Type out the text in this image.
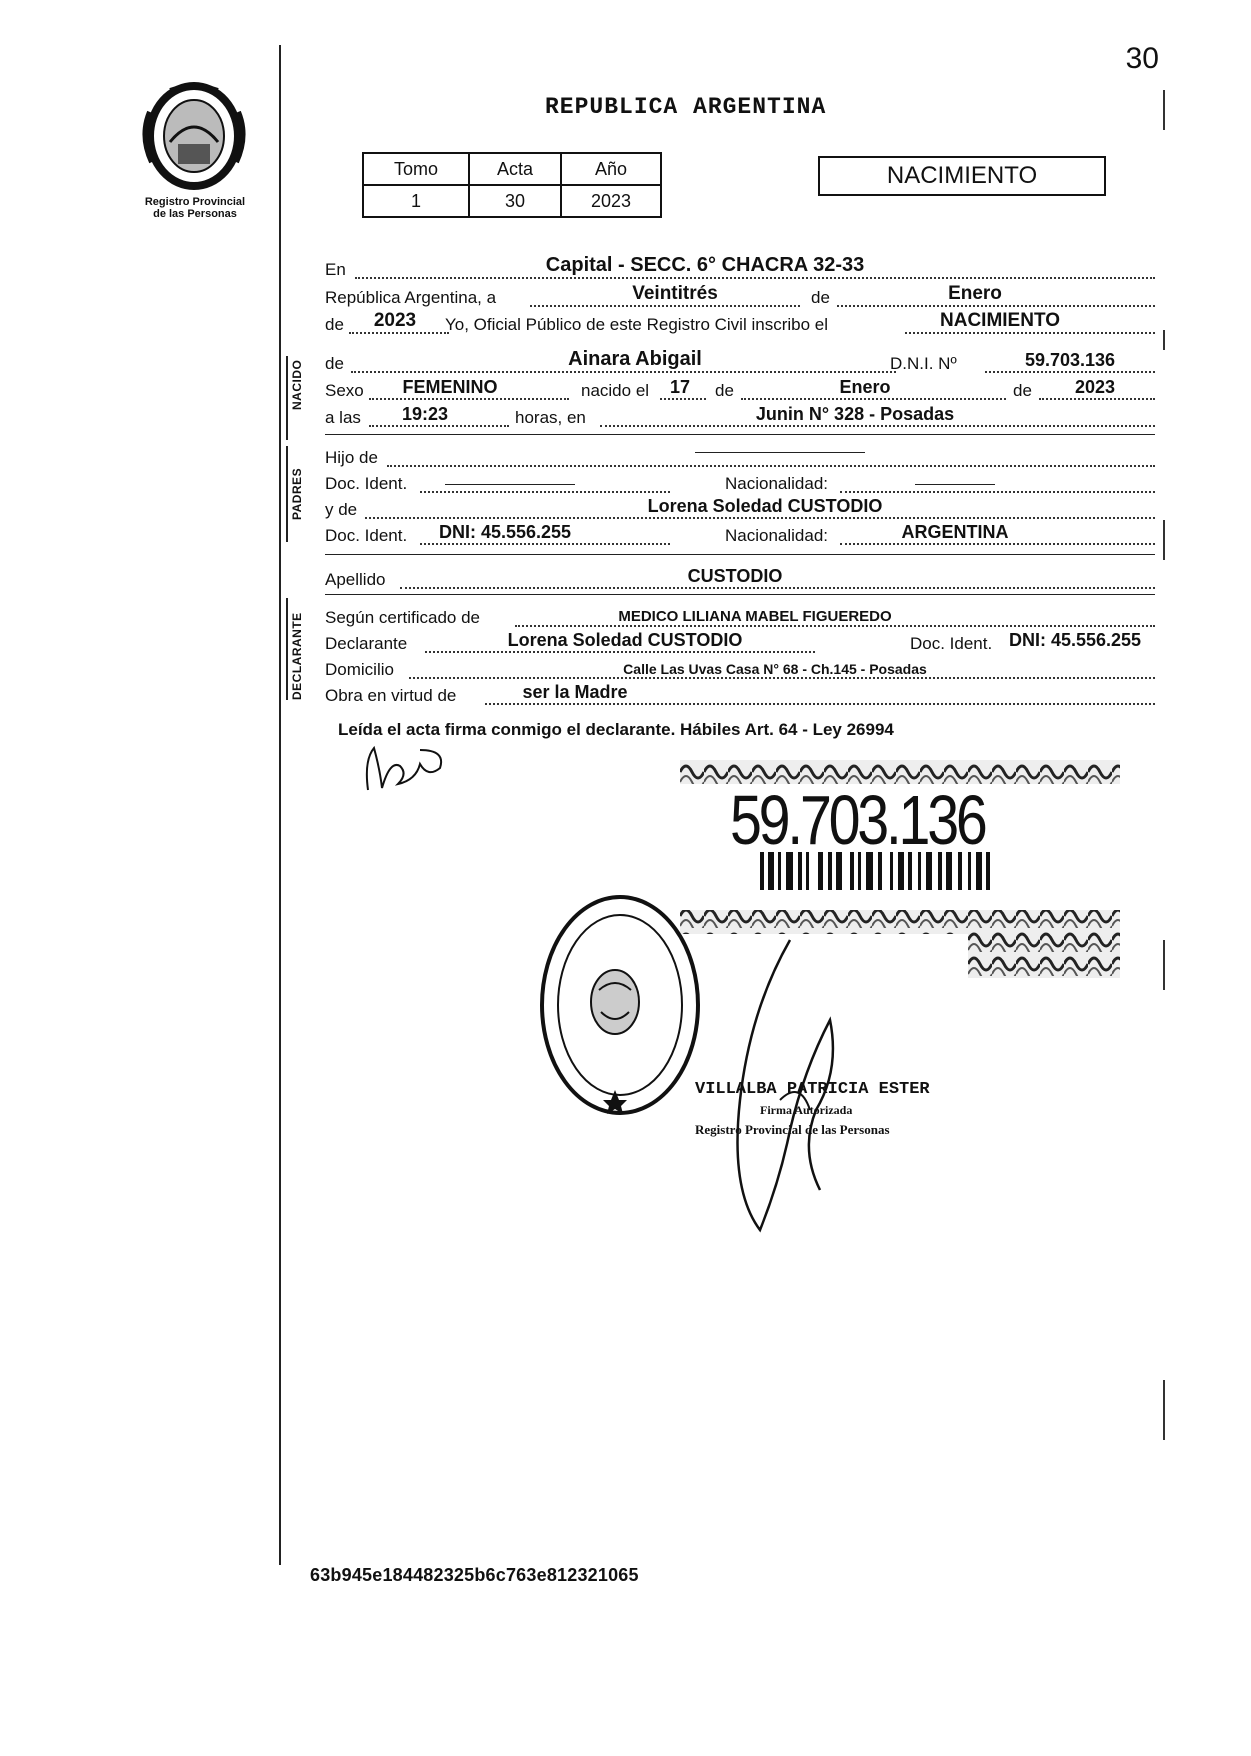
30
Registro Provincial
de las Personas
REPUBLICA ARGENTINA
Tomo	Acta	Año
1	30	2023
NACIMIENTO
NACIDO
PADRES
DECLARANTE
En	Capital - SECC. 6° CHACRA 32-33
República Argentina, a	Veintitrés	de	Enero
de	2023	Yo, Oficial Público de este Registro Civil inscribo el	NACIMIENTO
de	Ainara Abigail	D.N.I. Nº	59.703.136
Sexo	FEMENINO	nacido el	17	de	Enero	de	2023
a las	19:23	horas, en	Junin N° 328 - Posadas
Hijo de
Doc. Ident.	Nacionalidad:
y de	Lorena Soledad CUSTODIO
Doc. Ident.	DNI: 45.556.255	Nacionalidad:	ARGENTINA
Apellido	CUSTODIO
Según certificado de	MEDICO LILIANA MABEL FIGUEREDO
Declarante	Lorena Soledad CUSTODIO	Doc. Ident. DNI: 45.556.255
Domicilio	Calle Las Uvas Casa N° 68 - Ch.145 - Posadas
Obra en virtud de	ser la Madre
Leída el acta firma conmigo el declarante. Hábiles Art. 64 - Ley 26994
59.703.136
VILLALBA PATRICIA ESTER
Firma Autorizada
Registro Provincial de las Personas
63b945e184482325b6c763e812321065
